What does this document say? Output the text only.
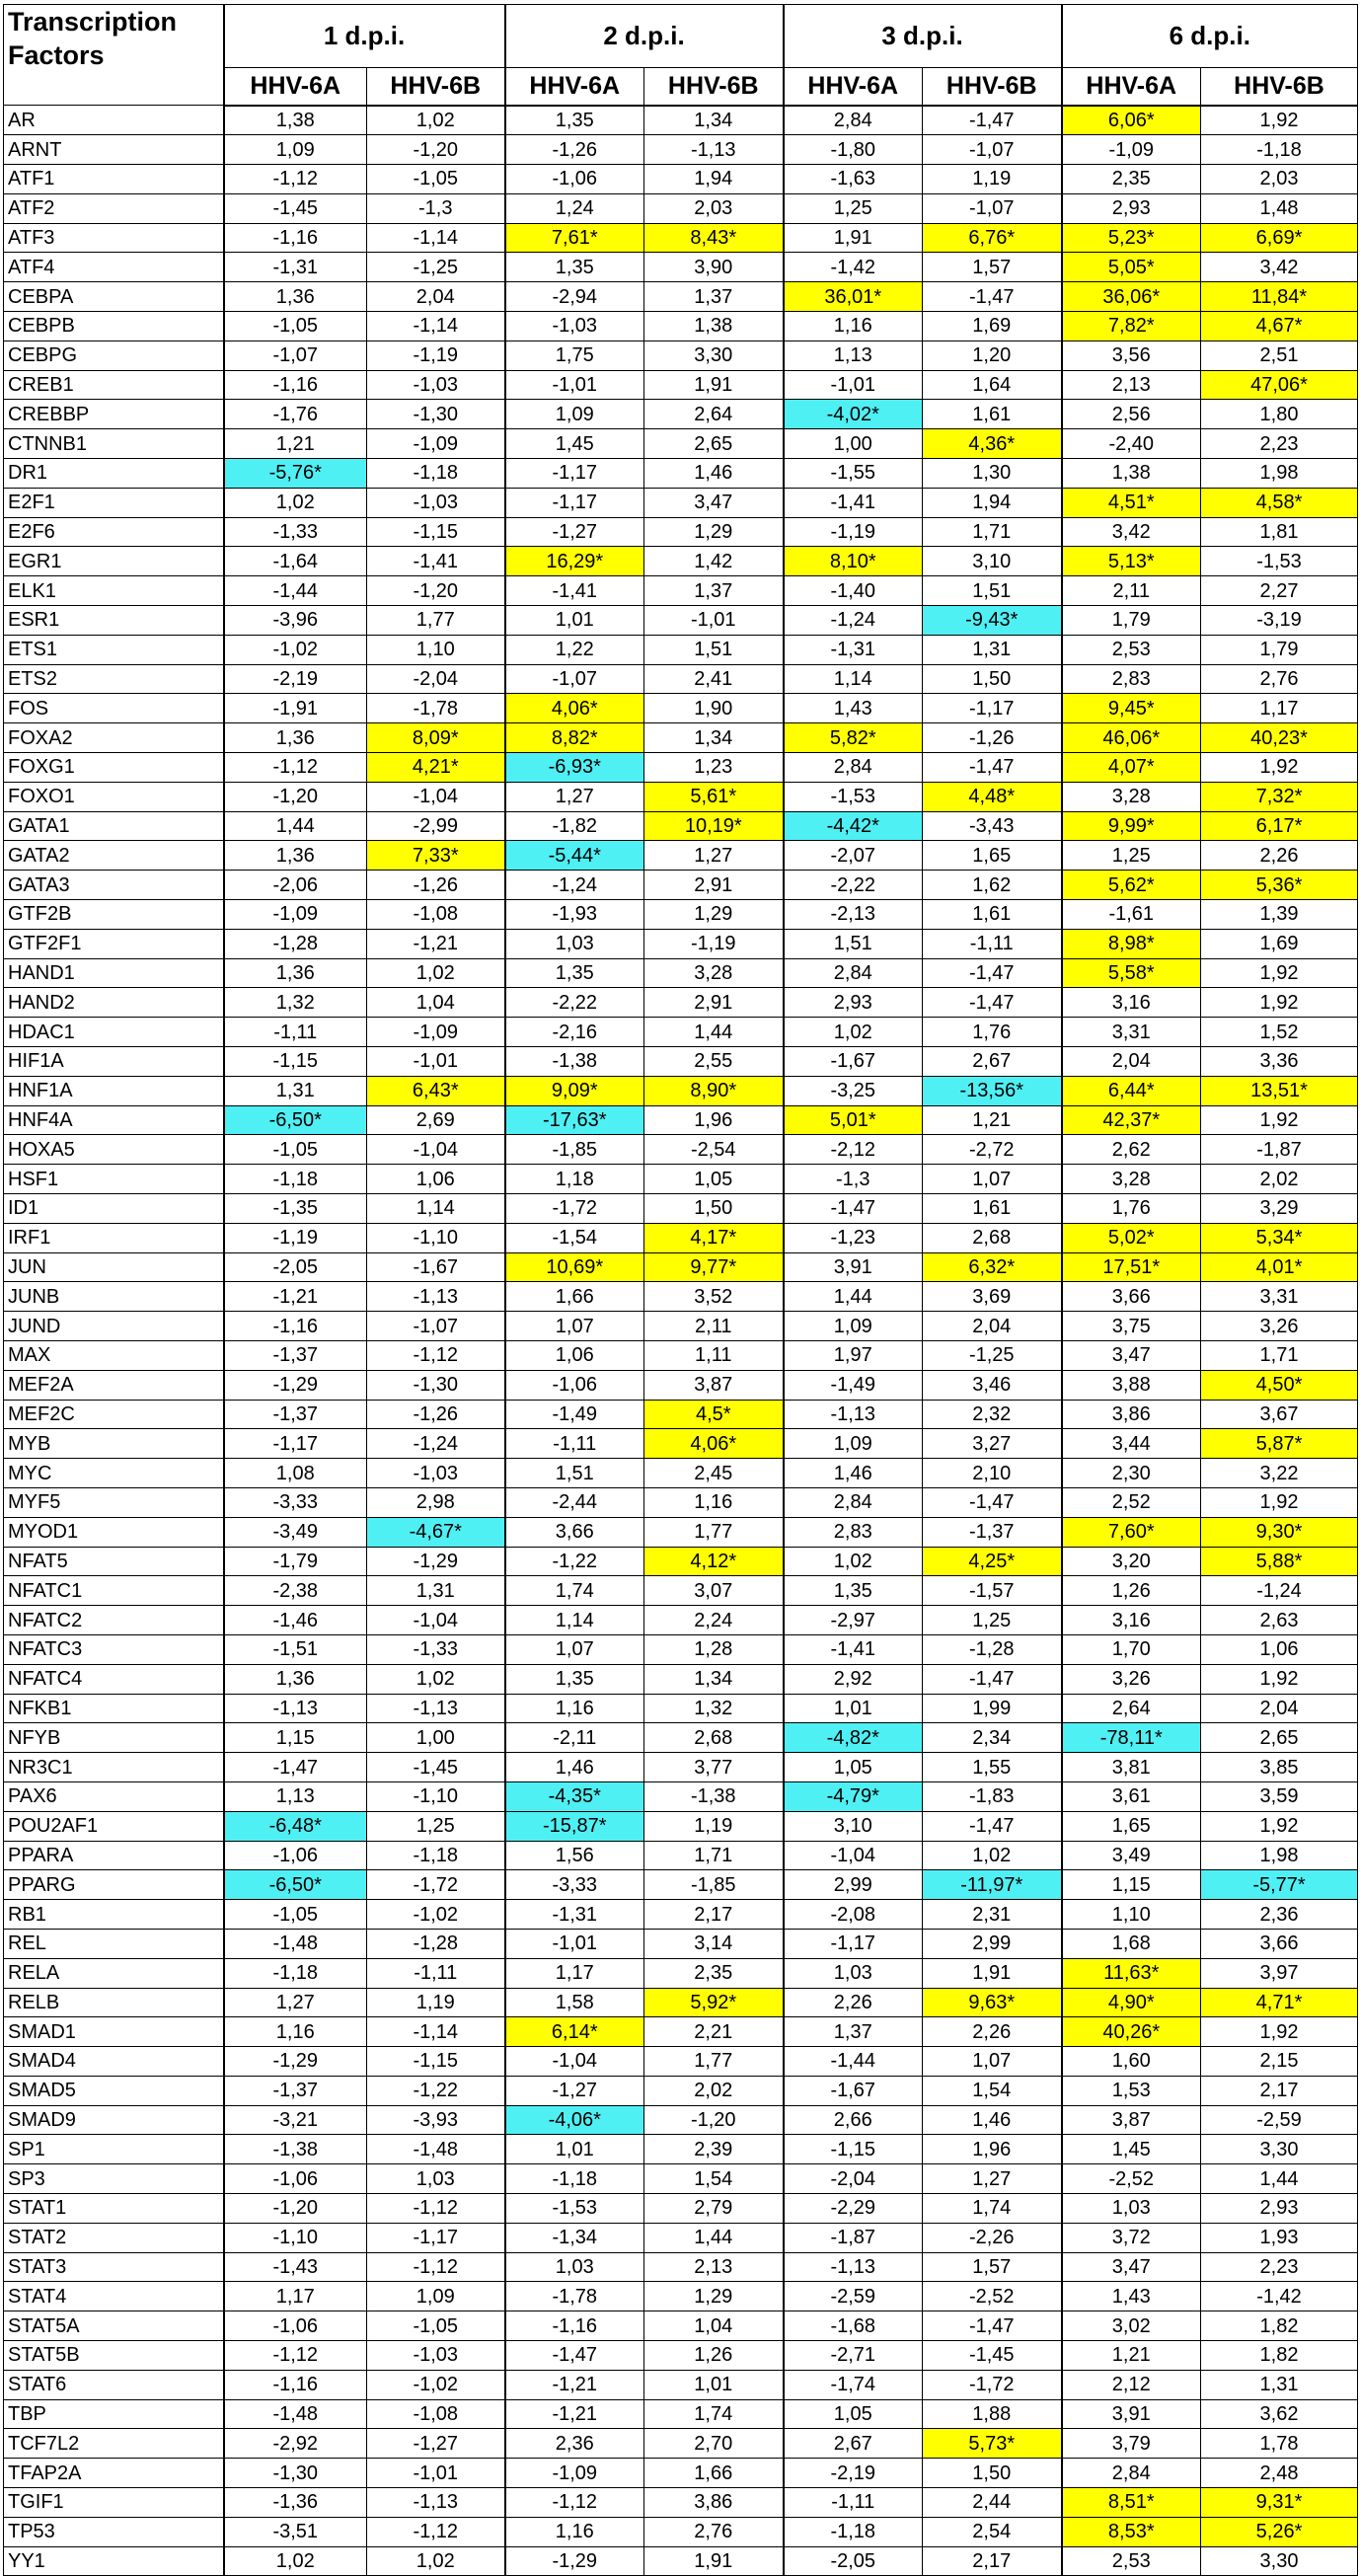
Transcription
Factors	1 d.p.i.		2 d.p.i.		3 d.p.i.		6 d.p.i.	
	HHV-6A	HHV-6B	HHV-6A	HHV-6B	HHV-6A	HHV-6B	HHV-6A	HHV-6B
AR	1,38	1,02	1,35	1,34	2,84	-1,47	6,06*	1,92
ARNT	1,09	-1,20	-1,26	-1,13	-1,80	-1,07	-1,09	-1,18
ATF1	-1,12	-1,05	-1,06	1,94	-1,63	1,19	2,35	2,03
ATF2	-1,45	-1,3	1,24	2,03	1,25	-1,07	2,93	1,48
ATF3	-1,16	-1,14	7,61*	8,43*	1,91	6,76*	5,23*	6,69*
ATF4	-1,31	-1,25	1,35	3,90	-1,42	1,57	5,05*	3,42
CEBPA	1,36	2,04	-2,94	1,37	36,01*	-1,47	36,06*	11,84*
CEBPB	-1,05	-1,14	-1,03	1,38	1,16	1,69	7,82*	4,67*
CEBPG	-1,07	-1,19	1,75	3,30	1,13	1,20	3,56	2,51
CREB1	-1,16	-1,03	-1,01	1,91	-1,01	1,64	2,13	47,06*
CREBBP	-1,76	-1,30	1,09	2,64	-4,02*	1,61	2,56	1,80
CTNNB1	1,21	-1,09	1,45	2,65	1,00	4,36*	-2,40	2,23
DR1	-5,76*	-1,18	-1,17	1,46	-1,55	1,30	1,38	1,98
E2F1	1,02	-1,03	-1,17	3,47	-1,41	1,94	4,51*	4,58*
E2F6	-1,33	-1,15	-1,27	1,29	-1,19	1,71	3,42	1,81
EGR1	-1,64	-1,41	16,29*	1,42	8,10*	3,10	5,13*	-1,53
ELK1	-1,44	-1,20	-1,41	1,37	-1,40	1,51	2,11	2,27
ESR1	-3,96	1,77	1,01	-1,01	-1,24	-9,43*	1,79	-3,19
ETS1	-1,02	1,10	1,22	1,51	-1,31	1,31	2,53	1,79
ETS2	-2,19	-2,04	-1,07	2,41	1,14	1,50	2,83	2,76
FOS	-1,91	-1,78	4,06*	1,90	1,43	-1,17	9,45*	1,17
FOXA2	1,36	8,09*	8,82*	1,34	5,82*	-1,26	46,06*	40,23*
FOXG1	-1,12	4,21*	-6,93*	1,23	2,84	-1,47	4,07*	1,92
FOXO1	-1,20	-1,04	1,27	5,61*	-1,53	4,48*	3,28	7,32*
GATA1	1,44	-2,99	-1,82	10,19*	-4,42*	-3,43	9,99*	6,17*
GATA2	1,36	7,33*	-5,44*	1,27	-2,07	1,65	1,25	2,26
GATA3	-2,06	-1,26	-1,24	2,91	-2,22	1,62	5,62*	5,36*
GTF2B	-1,09	-1,08	-1,93	1,29	-2,13	1,61	-1,61	1,39
GTF2F1	-1,28	-1,21	1,03	-1,19	1,51	-1,11	8,98*	1,69
HAND1	1,36	1,02	1,35	3,28	2,84	-1,47	5,58*	1,92
HAND2	1,32	1,04	-2,22	2,91	2,93	-1,47	3,16	1,92
HDAC1	-1,11	-1,09	-2,16	1,44	1,02	1,76	3,31	1,52
HIF1A	-1,15	-1,01	-1,38	2,55	-1,67	2,67	2,04	3,36
HNF1A	1,31	6,43*	9,09*	8,90*	-3,25	-13,56*	6,44*	13,51*
HNF4A	-6,50*	2,69	-17,63*	1,96	5,01*	1,21	42,37*	1,92
HOXA5	-1,05	-1,04	-1,85	-2,54	-2,12	-2,72	2,62	-1,87
HSF1	-1,18	1,06	1,18	1,05	-1,3	1,07	3,28	2,02
ID1	-1,35	1,14	-1,72	1,50	-1,47	1,61	1,76	3,29
IRF1	-1,19	-1,10	-1,54	4,17*	-1,23	2,68	5,02*	5,34*
JUN	-2,05	-1,67	10,69*	9,77*	3,91	6,32*	17,51*	4,01*
JUNB	-1,21	-1,13	1,66	3,52	1,44	3,69	3,66	3,31
JUND	-1,16	-1,07	1,07	2,11	1,09	2,04	3,75	3,26
MAX	-1,37	-1,12	1,06	1,11	1,97	-1,25	3,47	1,71
MEF2A	-1,29	-1,30	-1,06	3,87	-1,49	3,46	3,88	4,50*
MEF2C	-1,37	-1,26	-1,49	4,5*	-1,13	2,32	3,86	3,67
MYB	-1,17	-1,24	-1,11	4,06*	1,09	3,27	3,44	5,87*
MYC	1,08	-1,03	1,51	2,45	1,46	2,10	2,30	3,22
MYF5	-3,33	2,98	-2,44	1,16	2,84	-1,47	2,52	1,92
MYOD1	-3,49	-4,67*	3,66	1,77	2,83	-1,37	7,60*	9,30*
NFAT5	-1,79	-1,29	-1,22	4,12*	1,02	4,25*	3,20	5,88*
NFATC1	-2,38	1,31	1,74	3,07	1,35	-1,57	1,26	-1,24
NFATC2	-1,46	-1,04	1,14	2,24	-2,97	1,25	3,16	2,63
NFATC3	-1,51	-1,33	1,07	1,28	-1,41	-1,28	1,70	1,06
NFATC4	1,36	1,02	1,35	1,34	2,92	-1,47	3,26	1,92
NFKB1	-1,13	-1,13	1,16	1,32	1,01	1,99	2,64	2,04
NFYB	1,15	1,00	-2,11	2,68	-4,82*	2,34	-78,11*	2,65
NR3C1	-1,47	-1,45	1,46	3,77	1,05	1,55	3,81	3,85
PAX6	1,13	-1,10	-4,35*	-1,38	-4,79*	-1,83	3,61	3,59
POU2AF1	-6,48*	1,25	-15,87*	1,19	3,10	-1,47	1,65	1,92
PPARA	-1,06	-1,18	1,56	1,71	-1,04	1,02	3,49	1,98
PPARG	-6,50*	-1,72	-3,33	-1,85	2,99	-11,97*	1,15	-5,77*
RB1	-1,05	-1,02	-1,31	2,17	-2,08	2,31	1,10	2,36
REL	-1,48	-1,28	-1,01	3,14	-1,17	2,99	1,68	3,66
RELA	-1,18	-1,11	1,17	2,35	1,03	1,91	11,63*	3,97
RELB	1,27	1,19	1,58	5,92*	2,26	9,63*	4,90*	4,71*
SMAD1	1,16	-1,14	6,14*	2,21	1,37	2,26	40,26*	1,92
SMAD4	-1,29	-1,15	-1,04	1,77	-1,44	1,07	1,60	2,15
SMAD5	-1,37	-1,22	-1,27	2,02	-1,67	1,54	1,53	2,17
SMAD9	-3,21	-3,93	-4,06*	-1,20	2,66	1,46	3,87	-2,59
SP1	-1,38	-1,48	1,01	2,39	-1,15	1,96	1,45	3,30
SP3	-1,06	1,03	-1,18	1,54	-2,04	1,27	-2,52	1,44
STAT1	-1,20	-1,12	-1,53	2,79	-2,29	1,74	1,03	2,93
STAT2	-1,10	-1,17	-1,34	1,44	-1,87	-2,26	3,72	1,93
STAT3	-1,43	-1,12	1,03	2,13	-1,13	1,57	3,47	2,23
STAT4	1,17	1,09	-1,78	1,29	-2,59	-2,52	1,43	-1,42
STAT5A	-1,06	-1,05	-1,16	1,04	-1,68	-1,47	3,02	1,82
STAT5B	-1,12	-1,03	-1,47	1,26	-2,71	-1,45	1,21	1,82
STAT6	-1,16	-1,02	-1,21	1,01	-1,74	-1,72	2,12	1,31
TBP	-1,48	-1,08	-1,21	1,74	1,05	1,88	3,91	3,62
TCF7L2	-2,92	-1,27	2,36	2,70	2,67	5,73*	3,79	1,78
TFAP2A	-1,30	-1,01	-1,09	1,66	-2,19	1,50	2,84	2,48
TGIF1	-1,36	-1,13	-1,12	3,86	-1,11	2,44	8,51*	9,31*
TP53	-3,51	-1,12	1,16	2,76	-1,18	2,54	8,53*	5,26*
YY1	1,02	1,02	-1,29	1,91	-2,05	2,17	2,53	3,30
